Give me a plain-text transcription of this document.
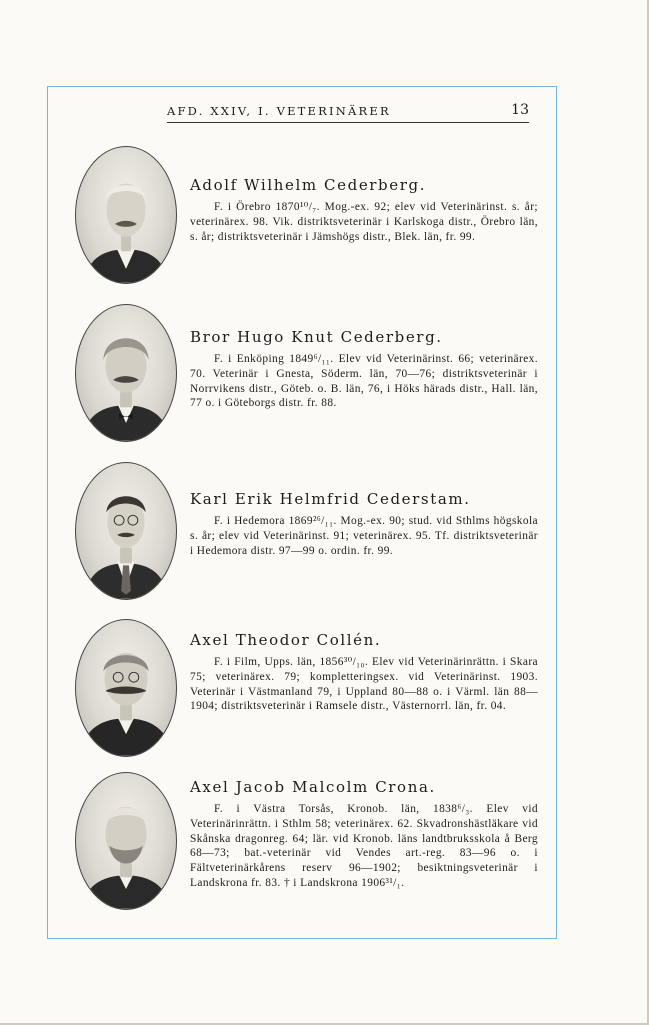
AFD. XXIV, I. VETERINÄRER	13

Adolf Wilhelm Cederberg.

F. i Örebro 1870¹⁰/₇. Mog.-ex. 92; elev vid Veterinärinst. s. år; veterinärex. 98. Vik. distriktsveterinär i Karlskoga distr., Örebro län, s. år; distriktsveterinär i Jämshögs distr., Blek. län, fr. 99.

Bror Hugo Knut Cederberg.

F. i Enköping 1849⁶/₁₁. Elev vid Veterinärinst. 66; veterinärex. 70. Veterinär i Gnesta, Söderm. län, 70—76; distriktsveterinär i Norrvikens distr., Göteb. o. B. län, 76, i Höks härads distr., Hall. län, 77 o. i Göteborgs distr. fr. 88.

Karl Erik Helmfrid Cederstam.

F. i Hedemora 1869²⁶/₁₁. Mog.-ex. 90; stud. vid Sthlms högskola s. år; elev vid Veterinärinst. 91; veterinärex. 95. Tf. distriktsveterinär i Hedemora distr. 97—99 o. ordin. fr. 99.

Axel Theodor Collén.

F. i Film, Upps. län, 1856³⁰/₁₀. Elev vid Veterinärinrättn. i Skara 75; veterinärex. 79; kompletteringsex. vid Veterinärinst. 1903. Veterinär i Västmanland 79, i Uppland 80—88 o. i Värml. län 88—1904; distriktsveterinär i Ramsele distr., Västernorrl. län, fr. 04.

Axel Jacob Malcolm Crona.

F. i Västra Torsås, Kronob. län, 1838⁶/₃. Elev vid Veterinärinrättn. i Sthlm 58; veterinärex. 62. Skvadronshästläkare vid Skånska dragonreg. 64; lär. vid Kronob. läns landtbruksskola å Berg 68—73; bat.-veterinär vid Vendes art.-reg. 83—96 o. i Fältveterinärkårens reserv 96—1902; besiktningsveterinär i Landskrona fr. 83. † i Landskrona 1906³¹/₁.
